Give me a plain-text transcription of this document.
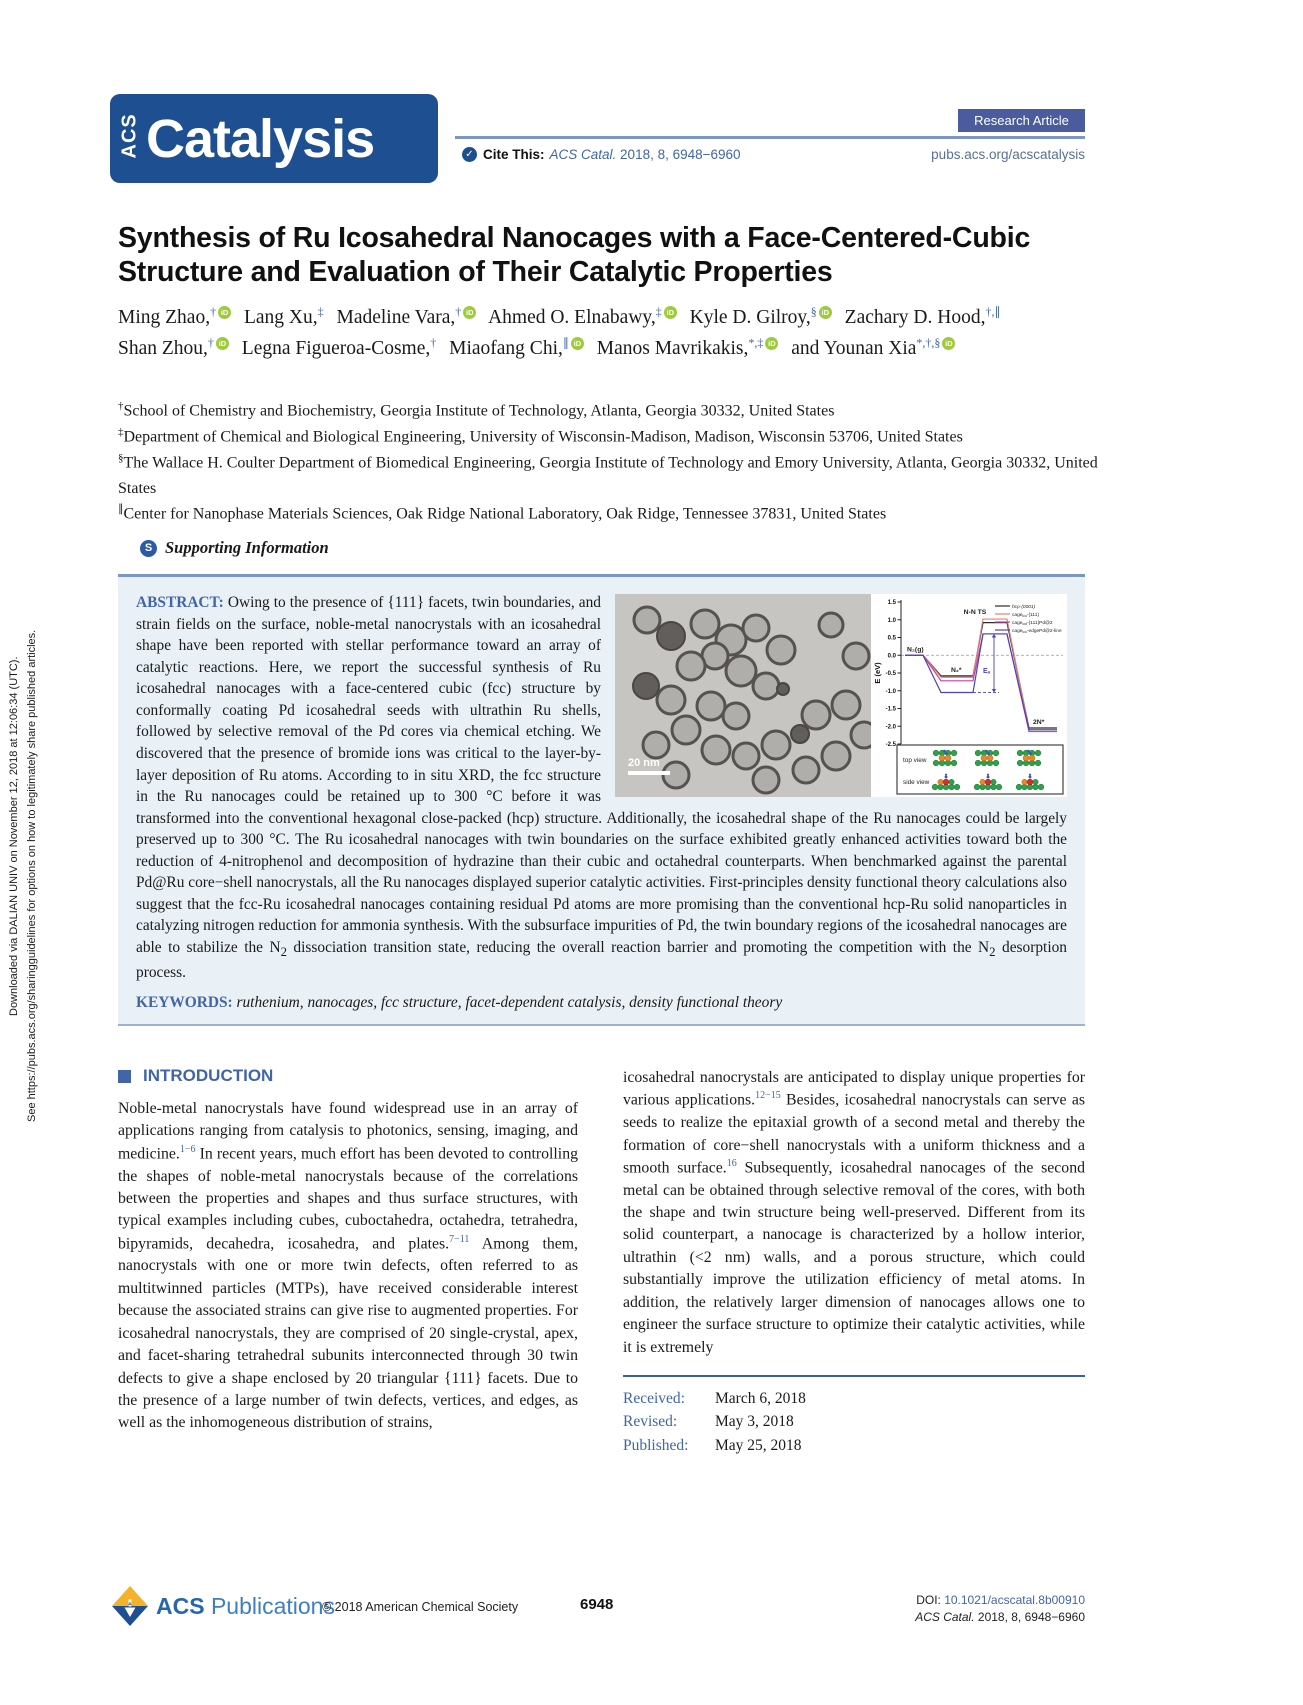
Downloaded via DALIAN UNIV on November 12, 2018 at 12:06:34 (UTC). See https://pubs.acs.org/sharingguidelines for options on how to legitimately share published articles.
ACS Catalysis	✓ Cite This: ACS Catal. 2018, 8, 6948−6960
Research Article
pubs.acs.org/acscatalysis
Synthesis of Ru Icosahedral Nanocages with a Face-Centered-Cubic
Structure and Evaluation of Their Catalytic Properties
Ming Zhao,† iD Lang Xu,‡ Madeline Vara,† iD Ahmed O. Elnabawy,‡ iD Kyle D. Gilroy,§ iD Zachary D. Hood,†,∥ Shan Zhou,† iD Legna Figueroa-Cosme,† Miaofang Chi,∥ iD Manos Mavrikakis,*,‡ iD and Younan Xia*,†,§ iD
†School of Chemistry and Biochemistry, Georgia Institute of Technology, Atlanta, Georgia 30332, United States
‡Department of Chemical and Biological Engineering, University of Wisconsin-Madison, Madison, Wisconsin 53706, United States
§The Wallace H. Coulter Department of Biomedical Engineering, Georgia Institute of Technology and Emory University, Atlanta, Georgia 30332, United States
∥Center for Nanophase Materials Sciences, Oak Ridge National Laboratory, Oak Ridge, Tennessee 37831, United States
S Supporting Information
20 nm
1.5
1.0
0.5
0.0
-0.5
-1.0
-1.5
-2.0
-2.5
E (eV)	Eₐ
N₂(g)
N₂*
N-N TS
2N*
hcp-(0001)
cage$_{ico}$-{111}
cage$_{oct}$-{111}Pd@2
cage$_{ico}$-edgePd@2-line
top view
side view

ABSTRACT: Owing to the presence of {111} facets, twin boundaries, and strain fields on the surface, noble-metal nanocrystals with an icosahedral shape have been reported with stellar performance toward an array of catalytic reactions. Here, we report the successful synthesis of Ru icosahedral nanocages with a face-centered cubic (fcc) structure by conformally coating Pd icosahedral seeds with ultrathin Ru shells, followed by selective removal of the Pd cores via chemical etching. We discovered that the presence of bromide ions was critical to the layer-by-layer deposition of Ru atoms. According to in situ XRD, the fcc structure in the Ru nanocages could be retained up to 300 °C before it was transformed into the conventional hexagonal close-packed (hcp) structure. Additionally, the icosahedral shape of the Ru nanocages could be largely preserved up to 300 °C. The Ru icosahedral nanocages with twin boundaries on the surface exhibited greatly enhanced activities toward both the reduction of 4-nitrophenol and decomposition of hydrazine than their cubic and octahedral counterparts. When benchmarked against the parental Pd@Ru core−shell nanocrystals, all the Ru nanocages displayed superior catalytic activities. First-principles density functional theory calculations also suggest that the fcc-Ru icosahedral nanocages containing residual Pd atoms are more promising than the conventional hcp-Ru solid nanoparticles in catalyzing nitrogen reduction for ammonia synthesis. With the subsurface impurities of Pd, the twin boundary regions of the icosahedral nanocages are able to stabilize the $N_2$ dissociation transition state, reducing the overall reaction barrier and promoting the competition with the $N_2$ desorption process.

KEYWORDS: ruthenium, nanocages, fcc structure, facet-dependent catalysis, density functional theory
INTRODUCTION
Noble-metal nanocrystals have found widespread use in an array of applications ranging from catalysis to photonics, sensing, imaging, and medicine.$^{1-6}$ In recent years, much effort has been devoted to controlling the shapes of noble-metal nanocrystals because of the correlations between the properties and shapes and thus surface structures, with typical examples including cubes, cuboctahedra, octahedra, tetrahedra, bipyramids, decahedra, icosahedra, and plates.$^{7-11}$ Among them, nanocrystals with one or more twin defects, often referred to as multitwinned particles (MTPs), have received considerable interest because the associated strains can give rise to augmented properties. For icosahedral nanocrystals, they are comprised of 20 single-crystal, apex, and facet-sharing tetrahedral subunits interconnected through 30 twin defects to give a shape enclosed by 20 triangular {111} facets. Due to the presence of a large number of twin defects, vertices, and edges, as well as the inhomogeneous distribution of strains,
icosahedral nanocrystals are anticipated to display unique properties for various applications.$^{12-15}$ Besides, icosahedral nanocrystals can serve as seeds to realize the epitaxial growth of a second metal and thereby the formation of core−shell nanocrystals with a uniform thickness and a smooth surface.$^{16}$ Subsequently, icosahedral nanocages of the second metal can be obtained through selective removal of the cores, with both the shape and twin structure being well-preserved. Different from its solid counterpart, a nanocage is characterized by a hollow interior, ultrathin (<2 nm) walls, and a porous structure, which could substantially improve the utilization efficiency of metal atoms. In addition, the relatively larger dimension of nanocages allows one to engineer the surface structure to optimize their catalytic activities, while it is extremely
Received:	March 6, 2018
Revised:	May 3, 2018
Published:	May 25, 2018
▵ ACS Publications
© 2018 American Chemical Society	6948	DOI: 10.1021/acscatal.8b00910
ACS Catal. 2018, 8, 6948−6960
